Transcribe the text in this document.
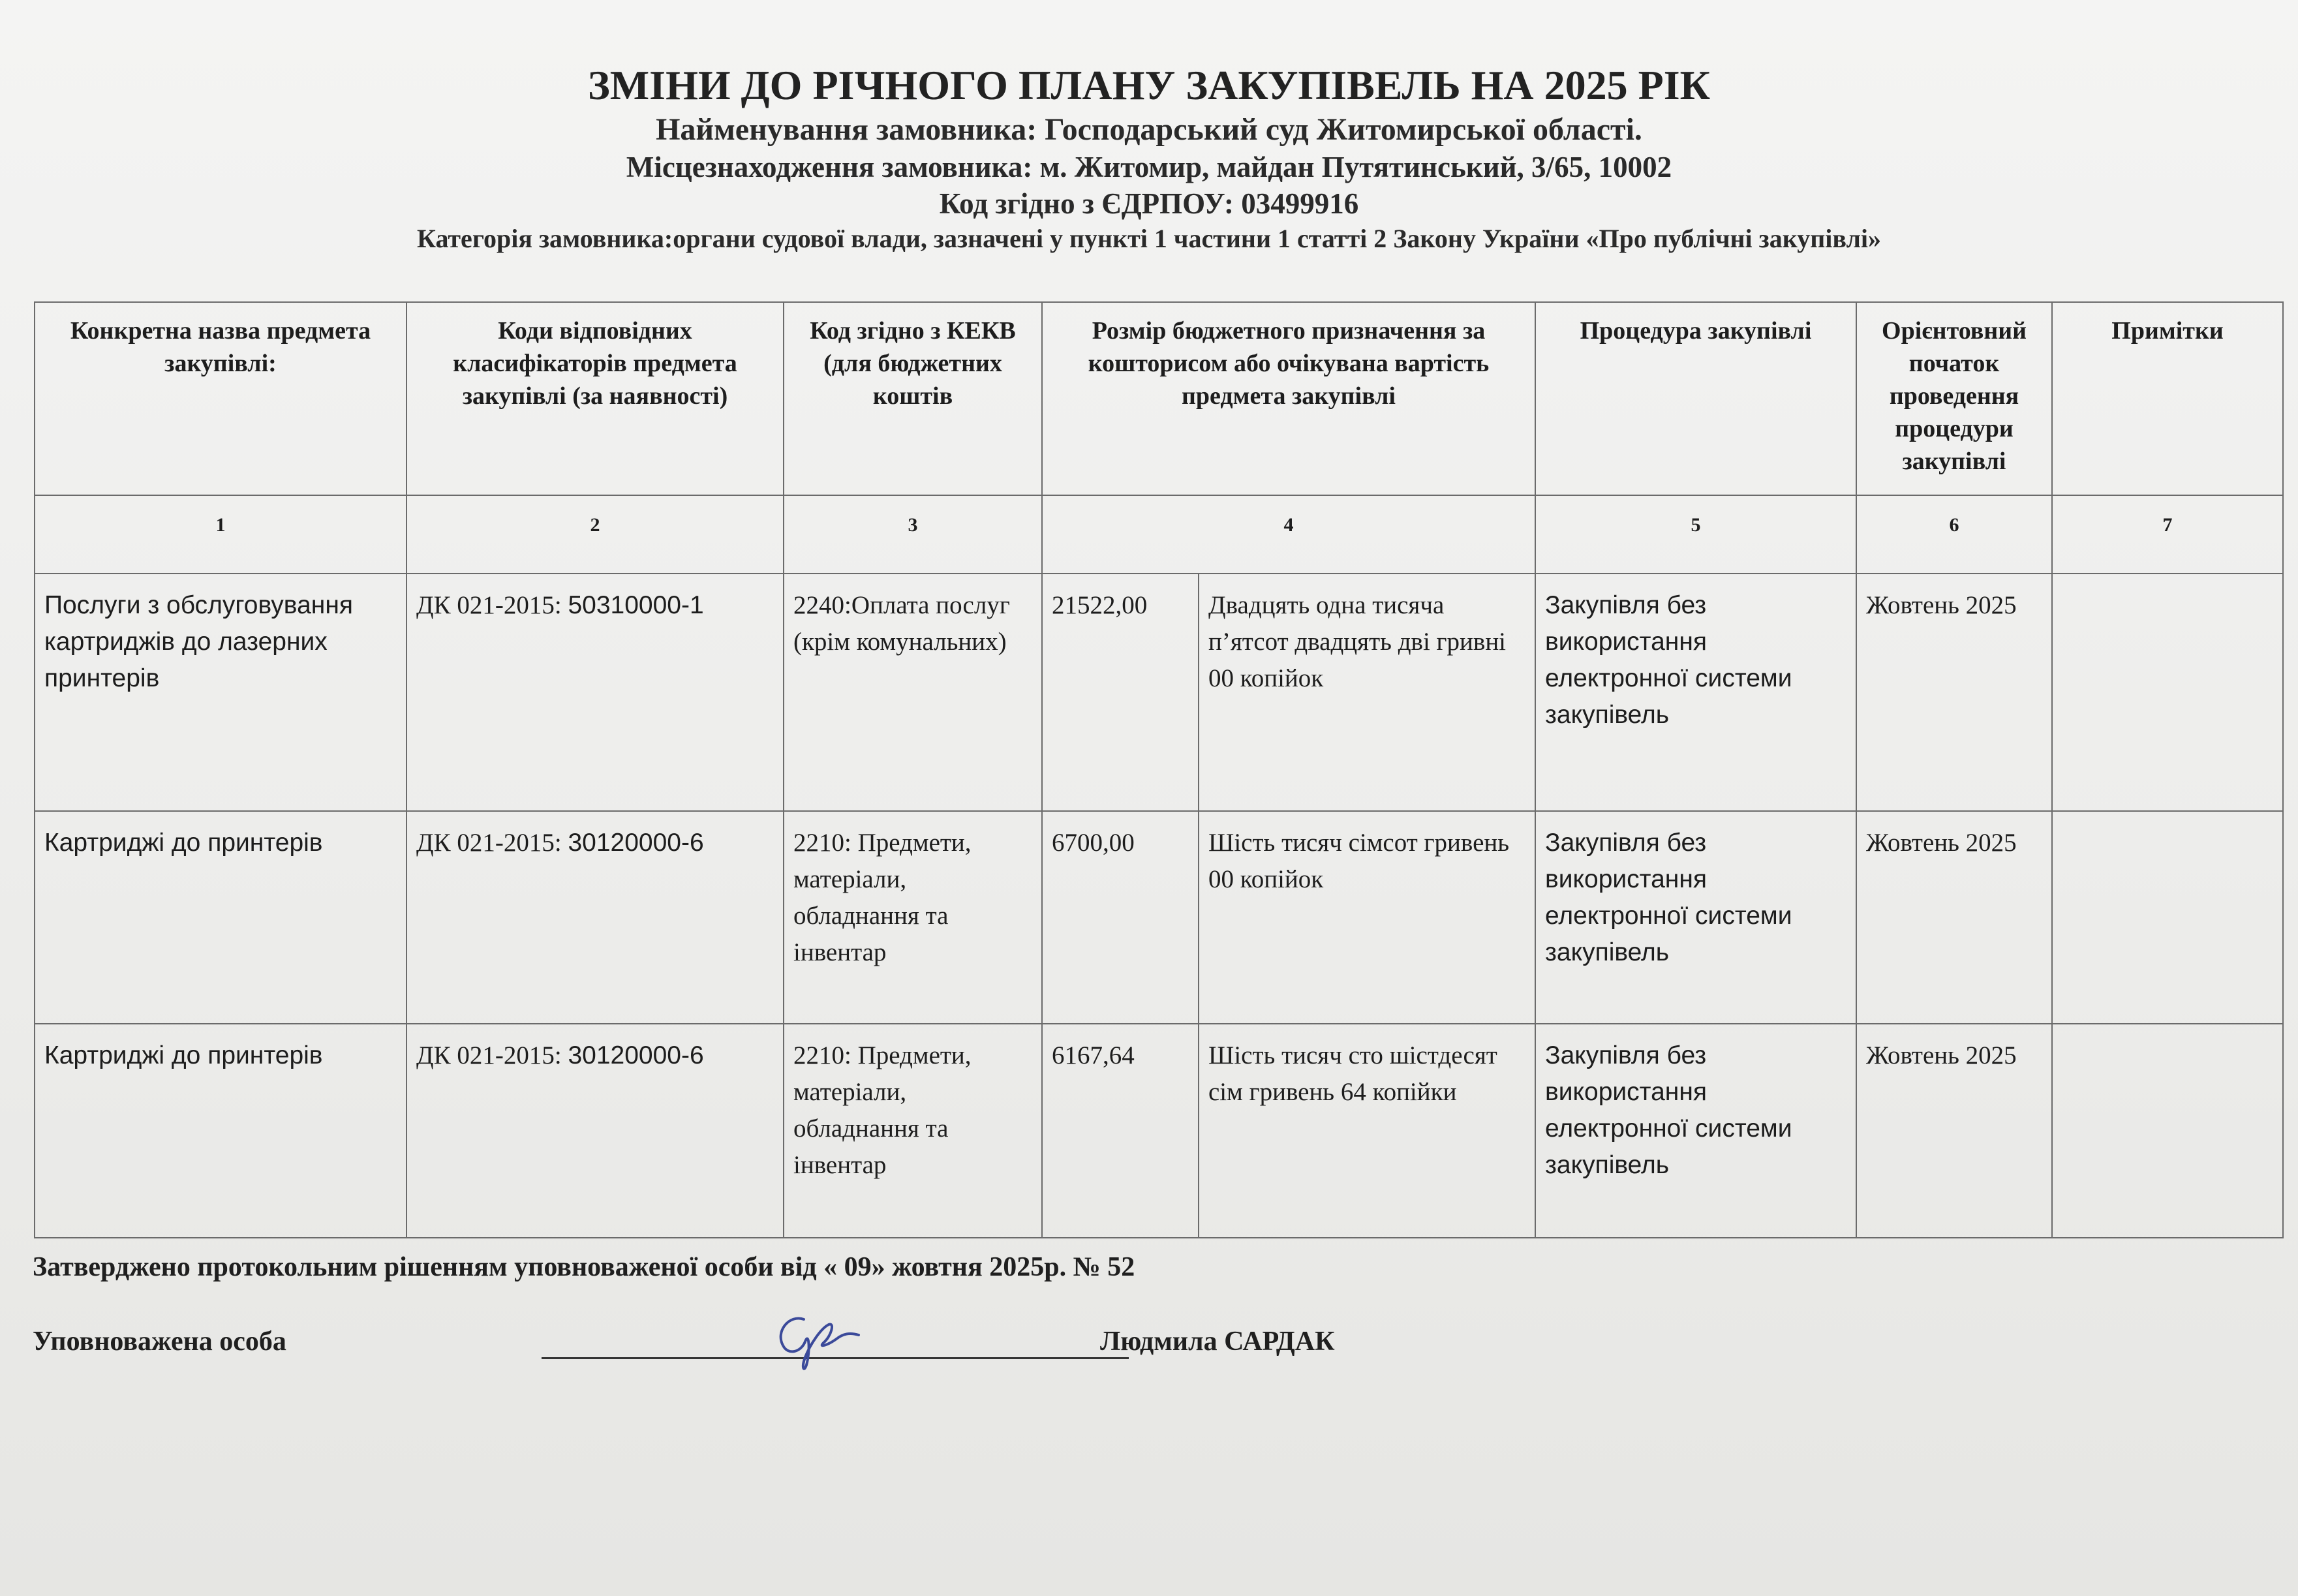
ЗМІНИ ДО РІЧНОГО ПЛАНУ ЗАКУПІВЕЛЬ НА 2025 РІК
Найменування замовника: Господарський суд Житомирської області.
Місцезнаходження замовника: м. Житомир, майдан Путятинський, 3/65, 10002
Код згідно з ЄДРПОУ: 03499916
Категорія замовника:органи судової влади, зазначені у пункті 1 частини 1 статті 2 Закону України «Про публічні закупівлі»
Конкретна назва предмета закупівлі:	Коди відповідних класифікаторів предмета закупівлі (за наявності)	Код згідно з КЕКВ (для бюджетних коштів	Розмір бюджетного призначення за кошторисом або очікувана вартість предмета закупівлі		Процедура закупівлі	Орієнтовний початок проведення процедури закупівлі	Примітки
1	2	3	4		5	6	7
Послуги з обслуговування картриджів до лазерних принтерів	ДК 021-2015: 50310000-1	2240:Оплата послуг (крім комунальних)	21522,00	Двадцять одна тисяча п’ятсот двадцять дві гривні 00 копійок	Закупівля без використання електронної системи закупівель	Жовтень 2025	
Картриджі до принтерів	ДК 021-2015: 30120000-6	2210: Предмети, матеріали, обладнання та інвентар	6700,00	Шість тисяч сімсот гривень 00 копійок	Закупівля без використання електронної системи закупівель	Жовтень 2025	
Картриджі до принтерів	ДК 021-2015: 30120000-6	2210: Предмети, матеріали, обладнання та інвентар	6167,64	Шість тисяч сто шістдесят сім гривень 64 копійки	Закупівля без використання електронної системи закупівель	Жовтень 2025	
Затверджено протокольним рішенням уповноваженої особи від « 09» жовтня 2025р. № 52
Уповноважена особа	Людмила САРДАК
